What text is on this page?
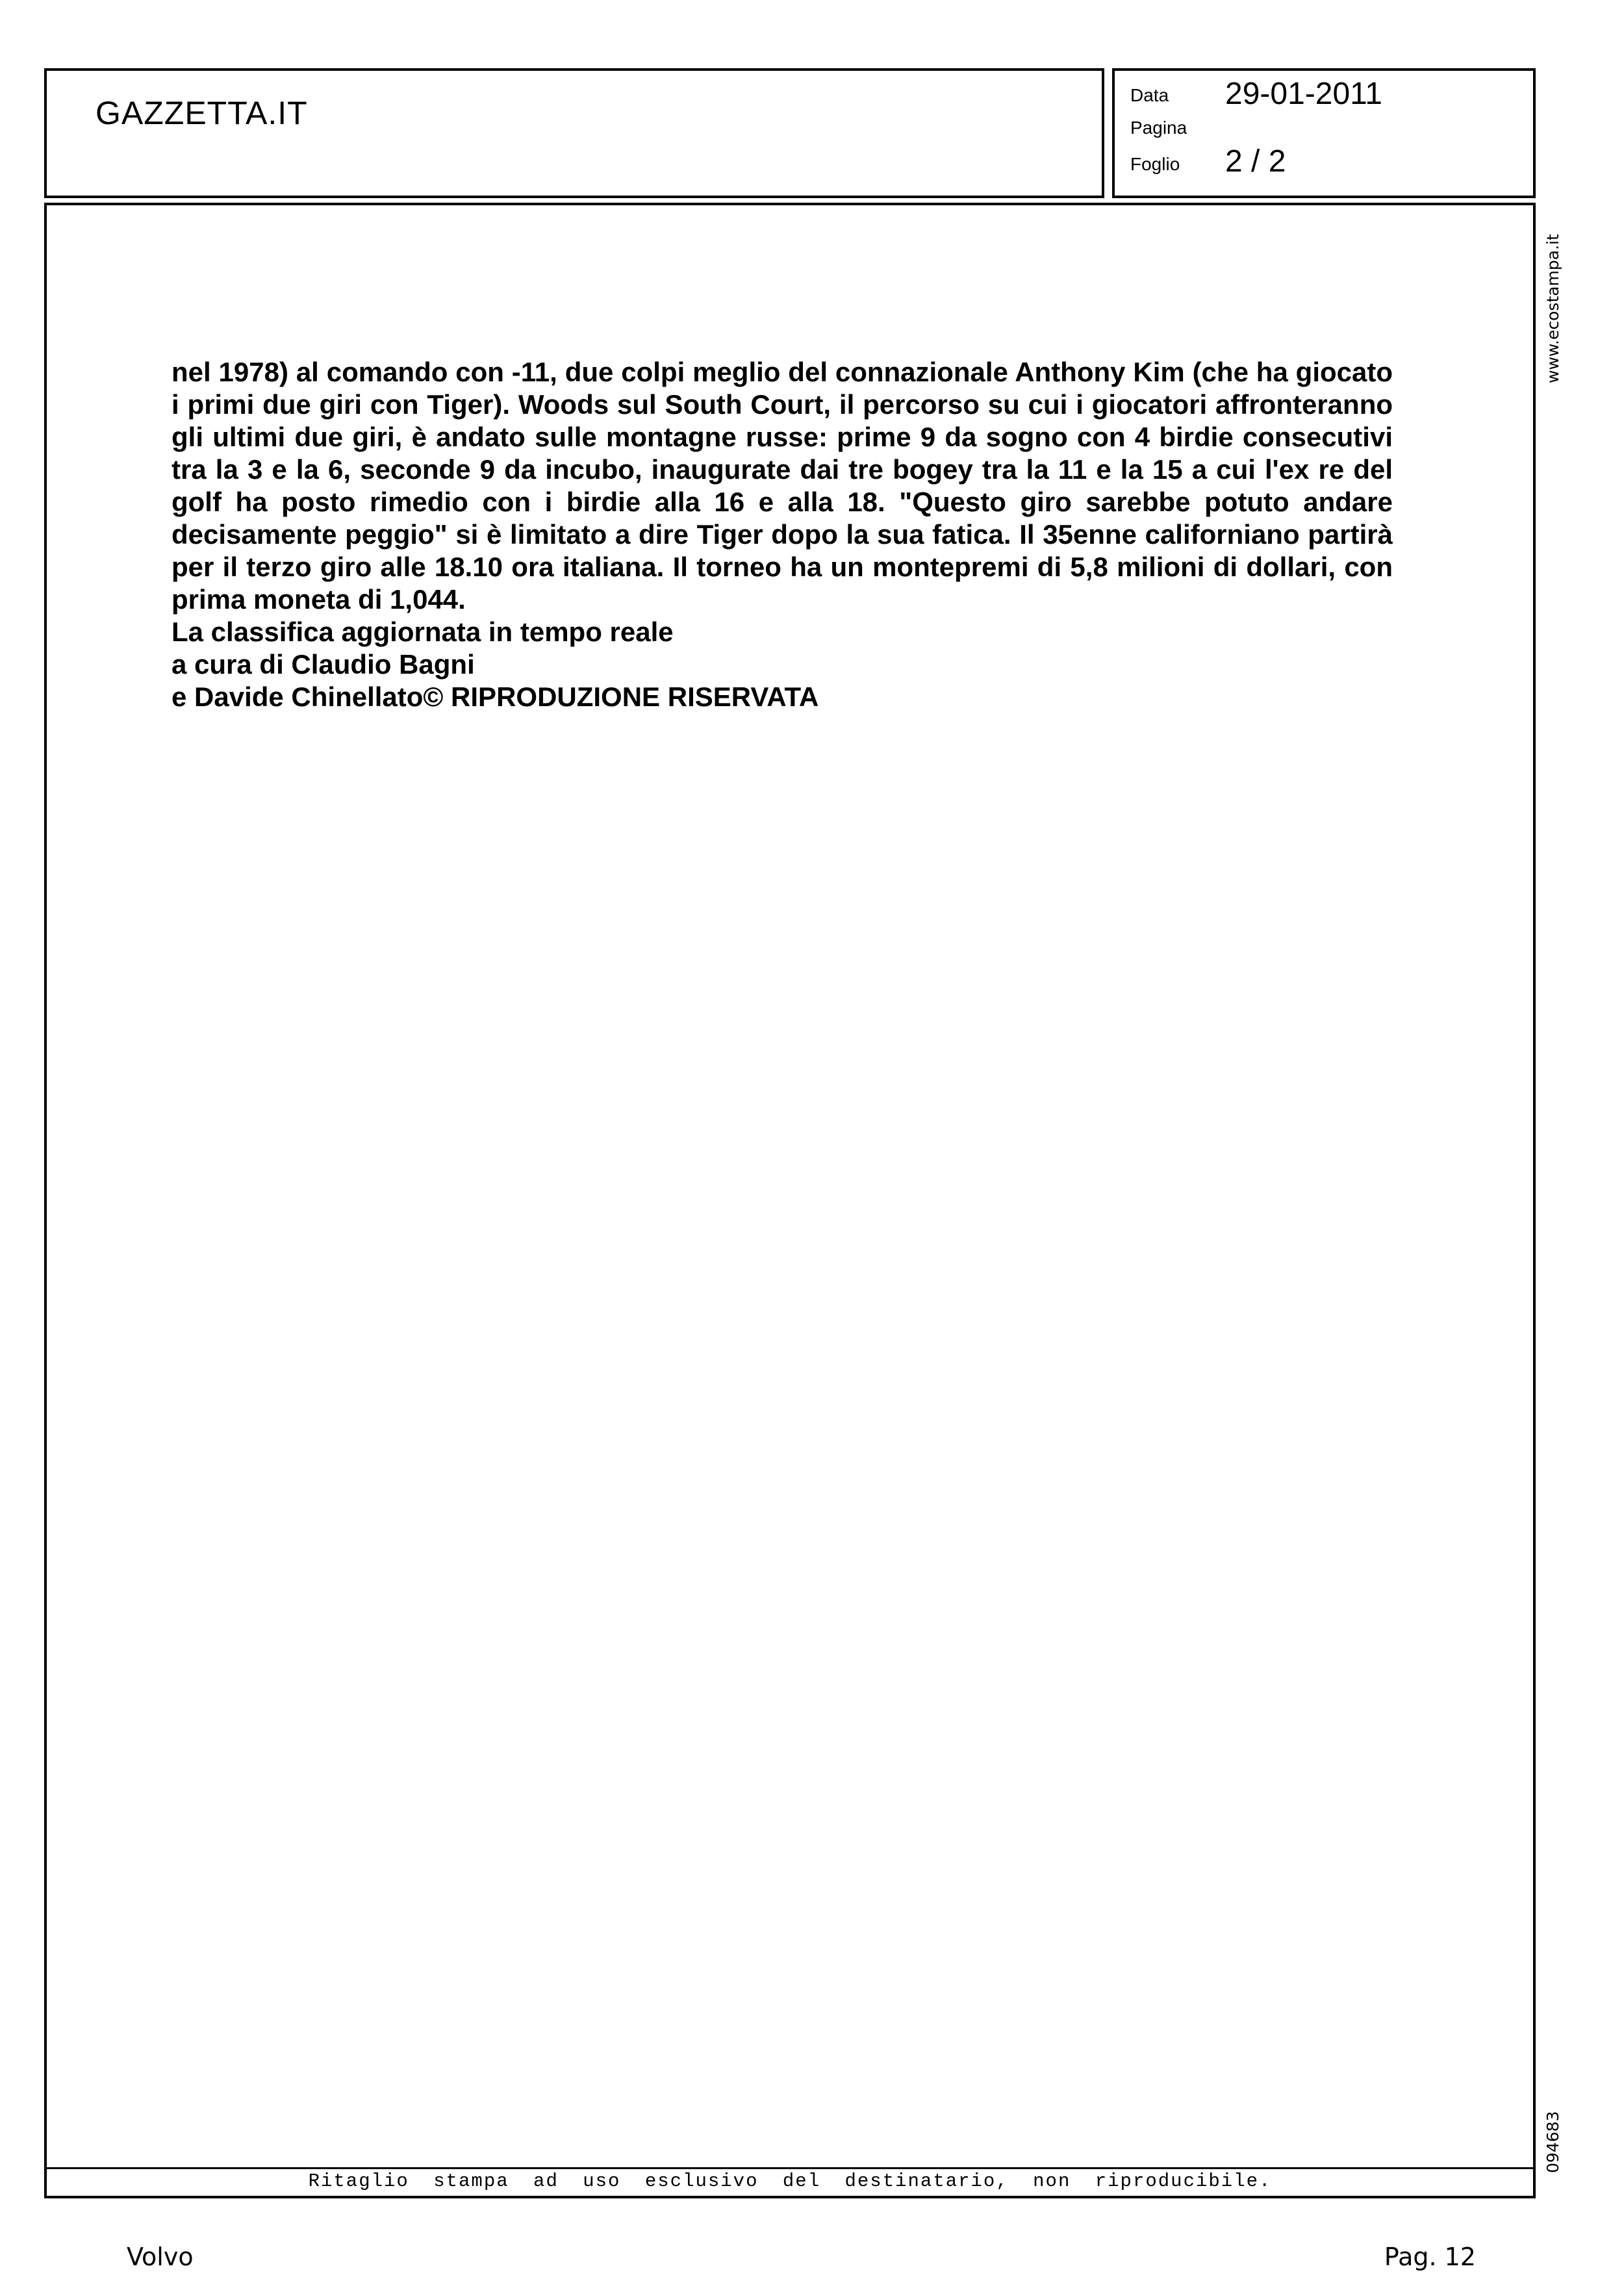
GAZZETTA.IT	Data 29-01-2011
Pagina
Foglio 2 / 2

nel 1978) al comando con -11, due colpi meglio del connazionale Anthony Kim (che ha giocato i primi due giri con Tiger). Woods sul South Court, il percorso su cui i giocatori affronteranno gli ultimi due giri, è andato sulle montagne russe: prime 9 da sogno con 4 birdie consecutivi tra la 3 e la 6, seconde 9 da incubo, inaugurate dai tre bogey tra la 11 e la 15 a cui l'ex re del golf ha posto rimedio con i birdie alla 16 e alla 18. "Questo giro sarebbe potuto andare decisamente peggio" si è limitato a dire Tiger dopo la sua fatica. Il 35enne californiano partirà per il terzo giro alle 18.10 ora italiana. Il torneo ha un montepremi di 5,8 milioni di dollari, con prima moneta di 1,044.

La classifica aggiornata in tempo reale

a cura di Claudio Bagni

e Davide Chinellato© RIPRODUZIONE RISERVATA

Ritaglio stampa ad uso esclusivo del destinatario, non riproducibile.
www.ecostampa.it
094683
Volvo	Pag. 12
